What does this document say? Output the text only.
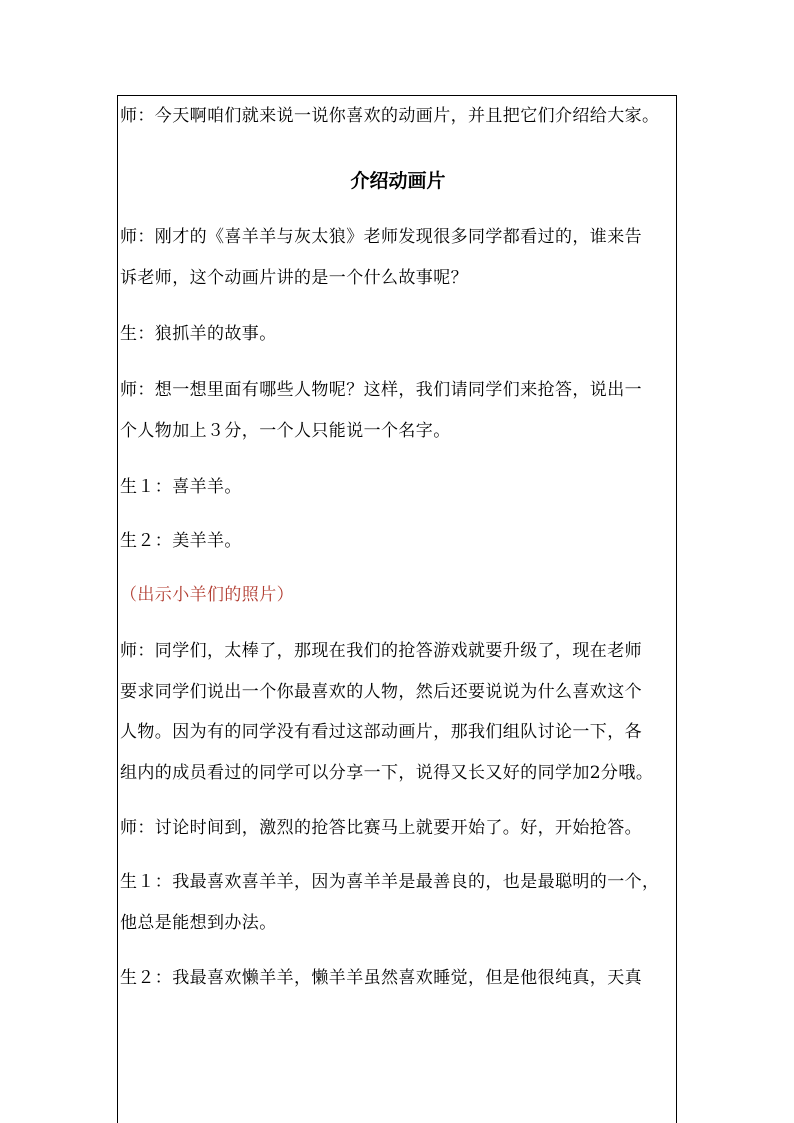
师：今天啊咱们就来说一说你喜欢的动画片，并且把它们介绍给大家。
介绍动画片
师：刚才的《喜羊羊与灰太狼》老师发现很多同学都看过的，谁来告
诉老师，这个动画片讲的是一个什么故事呢？
生：狼抓羊的故事。
师：想一想里面有哪些人物呢？这样，我们请同学们来抢答，说出一
个人物加上３分，一个人只能说一个名字。
生１：喜羊羊。
生２：美羊羊。
（出示小羊们的照片）
师：同学们，太棒了，那现在我们的抢答游戏就要升级了，现在老师
要求同学们说出一个你最喜欢的人物，然后还要说说为什么喜欢这个
人物。因为有的同学没有看过这部动画片，那我们组队讨论一下，各
组内的成员看过的同学可以分享一下，说得又长又好的同学加2分哦。
师：讨论时间到，激烈的抢答比赛马上就要开始了。好，开始抢答。
生１：我最喜欢喜羊羊，因为喜羊羊是最善良的，也是最聪明的一个，
他总是能想到办法。
生２：我最喜欢懒羊羊，懒羊羊虽然喜欢睡觉，但是他很纯真，天真
